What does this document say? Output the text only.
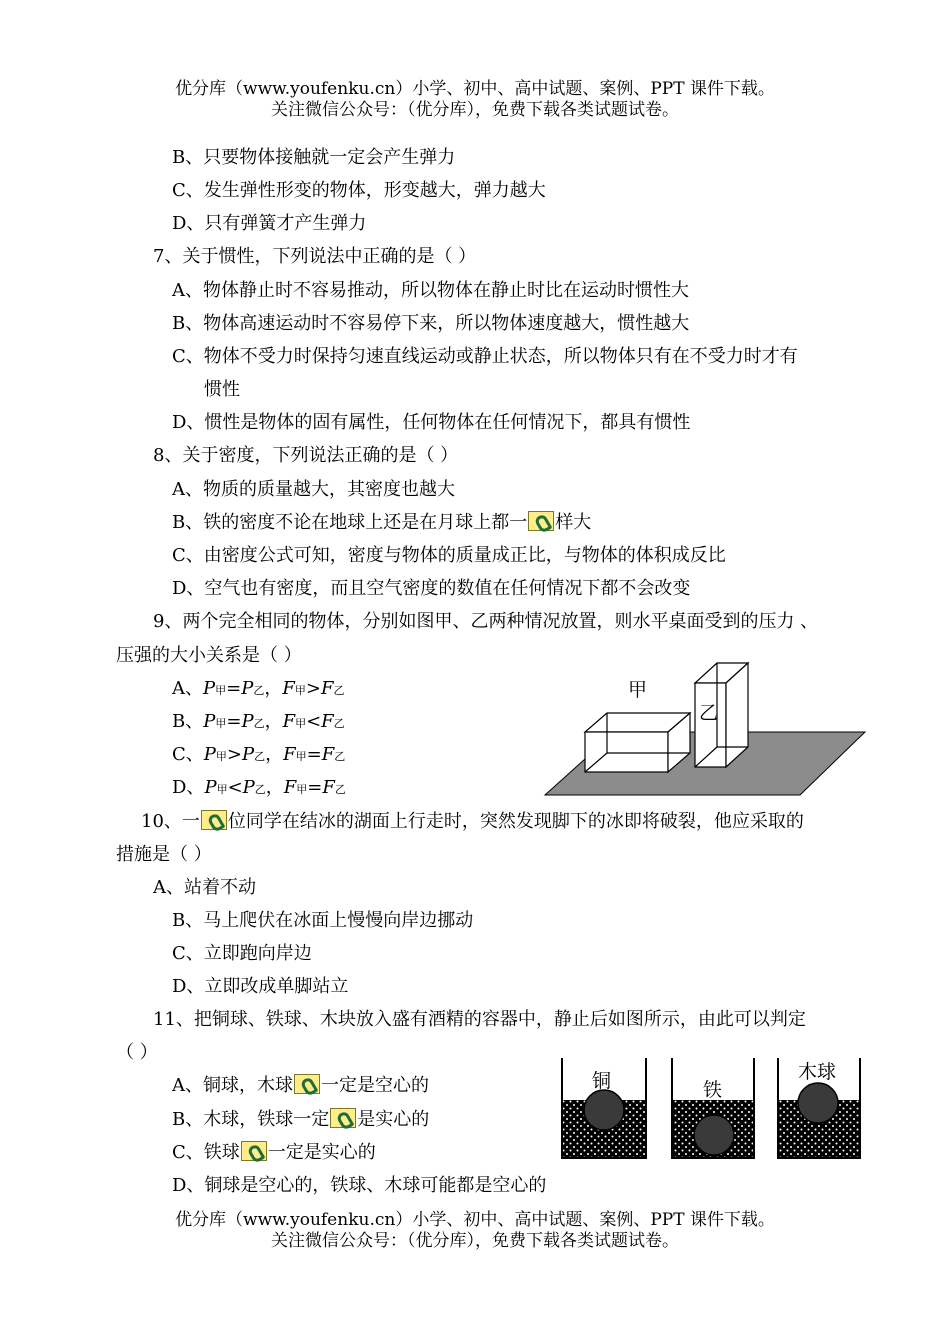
优分库（www.youfenku.cn）小学、初中、高中试题、案例、PPT 课件下载。
关注微信公众号：（优分库），免费下载各类试题试卷。
B、只要物体接触就一定会产生弹力
C、发生弹性形变的物体，形变越大，弹力越大
D、只有弹簧才产生弹力
7、关于惯性，下列说法中正确的是（ ）
A、物体静止时不容易推动，所以物体在静止时比在运动时惯性大
B、物体高速运动时不容易停下来，所以物体速度越大，惯性越大
C、物体不受力时保持匀速直线运动或静止状态，所以物体只有在不受力时才有
惯性
D、惯性是物体的固有属性，任何物体在任何情况下，都具有惯性
8、关于密度，下列说法正确的是（ ）
A、物质的质量越大，其密度也越大
B、铁的密度不论在地球上还是在月球上都一 样大
C、由密度公式可知，密度与物体的质量成正比，与物体的体积成反比
D、空气也有密度，而且空气密度的数值在任何情况下都不会改变
9、两个完全相同的物体，分别如图甲、乙两种情况放置，则水平桌面受到的压力 、
压强的大小关系是（ ）
A、P甲=P乙，F甲>F乙
B、P甲=P乙，F甲<F乙
C、P甲>P乙，F甲=F乙
D、P甲<P乙，F甲=F乙
甲
乙
10、一 位同学在结冰的湖面上行走时，突然发现脚下的冰即将破裂，他应采取的
措施是（ ）
A、站着不动
B、马上爬伏在冰面上慢慢向岸边挪动
C、立即跑向岸边
D、立即改成单脚站立
11、把铜球、铁球、木块放入盛有酒精的容器中，静止后如图所示，由此可以判定
（ ）
A、铜球，木球 一定是空心的
B、木球，铁球一定 是实心的
C、铁球 一定是实心的
D、铜球是空心的，铁球、木球可能都是空心的
铜	铁
木球
优分库（www.youfenku.cn）小学、初中、高中试题、案例、PPT 课件下载。
关注微信公众号：（优分库），免费下载各类试题试卷。
